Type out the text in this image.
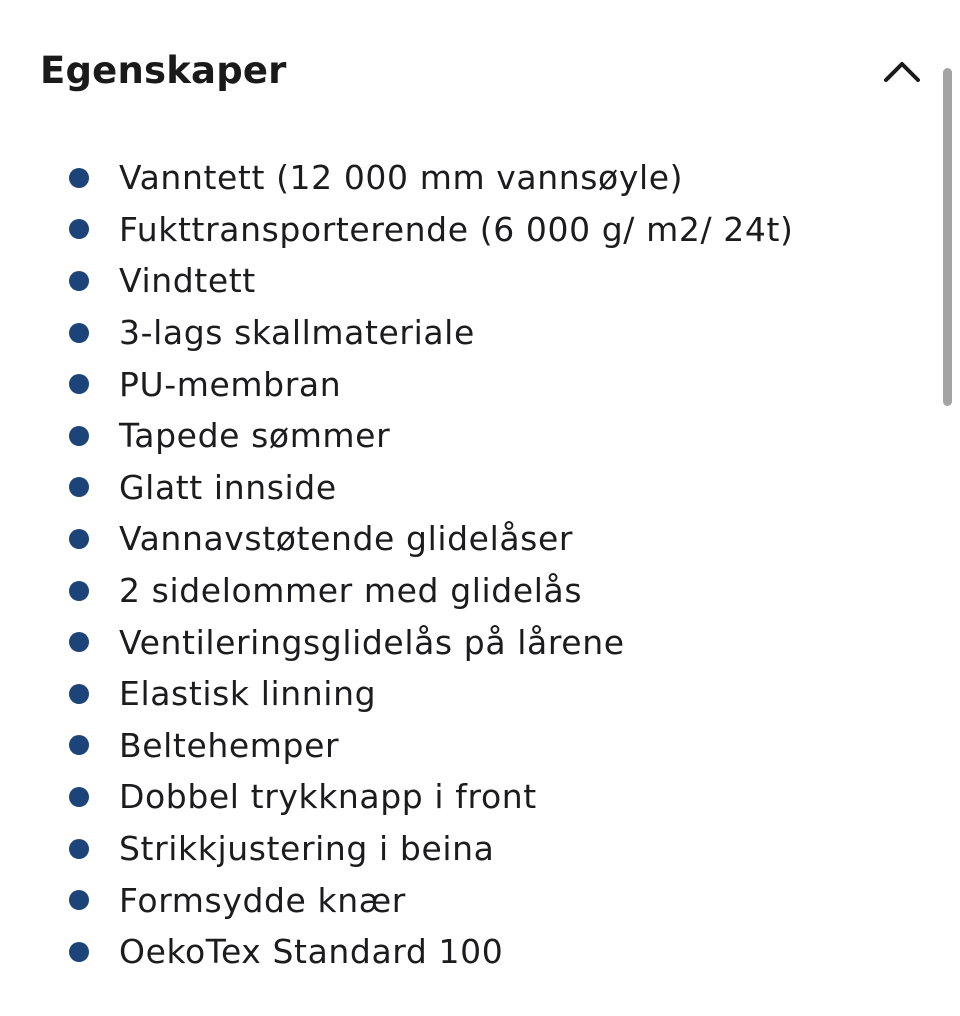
Egenskaper
Vanntett (12 000 mm vannsøyle)
Fukttransporterende (6 000 g/ m2/ 24t)
Vindtett
3-lags skallmateriale
PU-membran
Tapede sømmer
Glatt innside
Vannavstøtende glidelåser
2 sidelommer med glidelås
Ventileringsglidelås på lårene
Elastisk linning
Beltehemper
Dobbel trykknapp i front
Strikkjustering i beina
Formsydde knær
OekoTex Standard 100
